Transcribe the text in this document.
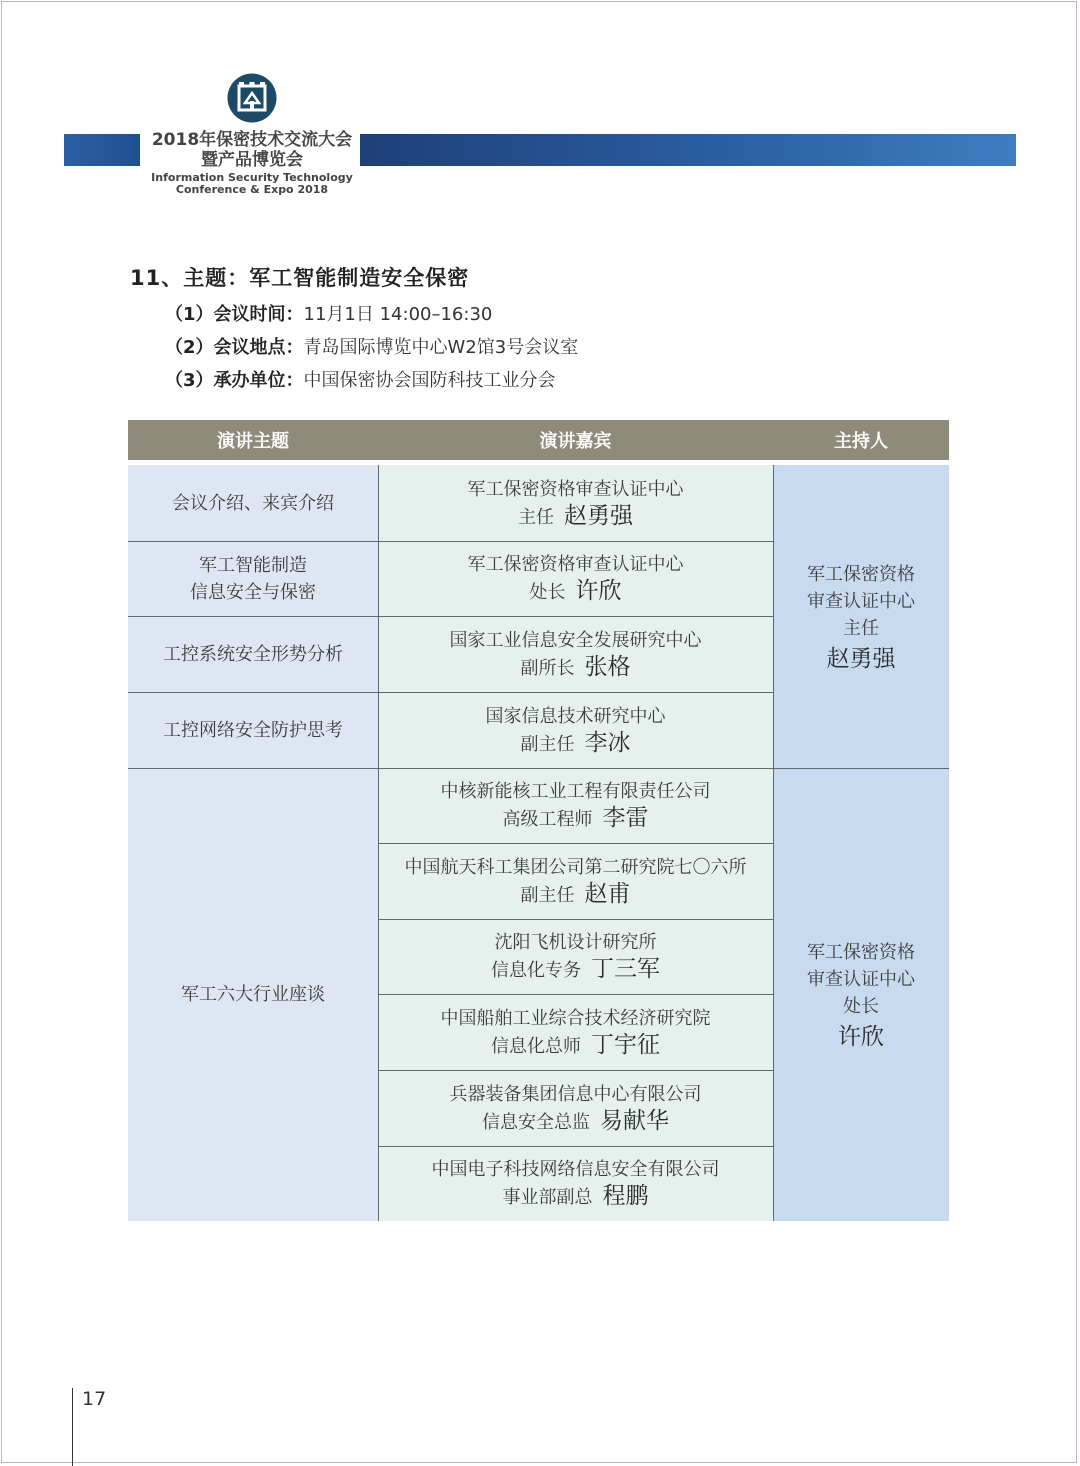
2018年保密技术交流大会
暨产品博览会
Information Security Technology
Conference & Expo 2018
11、主题：军工智能制造安全保密
（1）会议时间：11月1日 14:00–16:30
（2）会议地点：青岛国际博览中心W2馆3号会议室
（3）承办单位：中国保密协会国防科技工业分会
演讲主题	演讲嘉宾	主持人
会议介绍、来宾介绍
军工智能制造
信息安全与保密
工控系统安全形势分析
工控网络安全防护思考
军工六大行业座谈
军工保密资格审查认证中心
主任 赵勇强
军工保密资格审查认证中心
处长 许欣
国家工业信息安全发展研究中心
副所长 张格
国家信息技术研究中心
副主任 李冰
中核新能核工业工程有限责任公司
高级工程师 李雷
中国航天科工集团公司第二研究院七〇六所
副主任 赵甫
沈阳飞机设计研究所
信息化专务 丁三军
中国船舶工业综合技术经济研究院
信息化总师 丁宇征
兵器装备集团信息中心有限公司
信息安全总监 易献华
中国电子科技网络信息安全有限公司
事业部副总 程鹏
军工保密资格
审查认证中心
主任
赵勇强
军工保密资格
审查认证中心
处长
许欣
17
